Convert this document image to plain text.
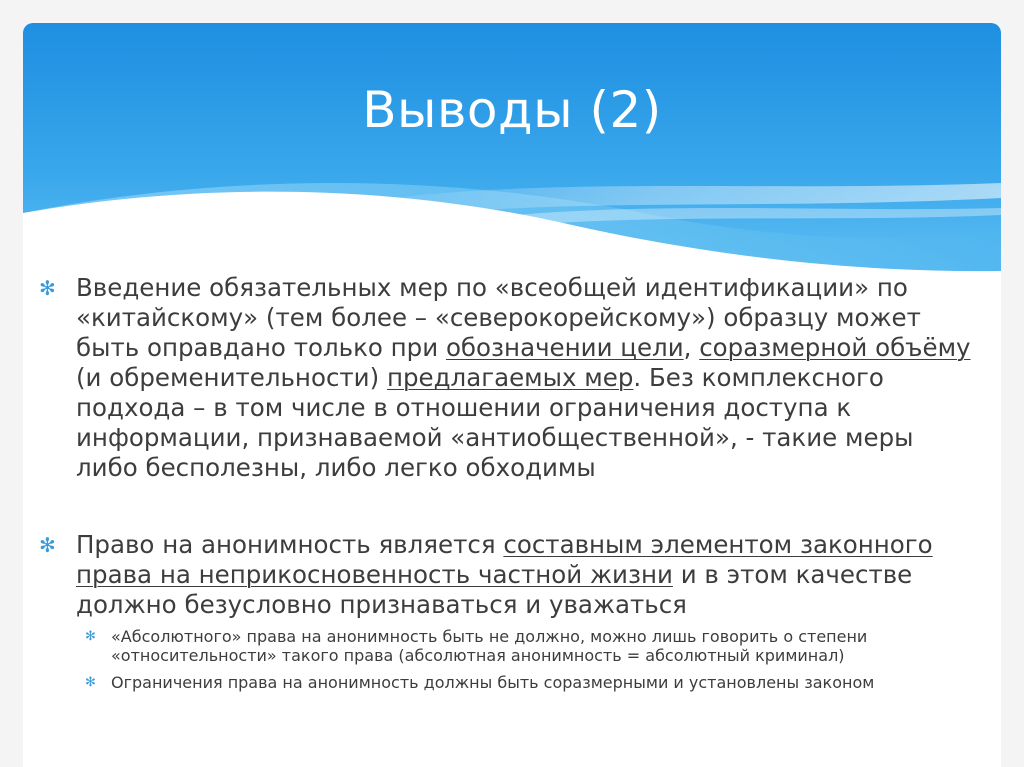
Выводы (2)

✻ Введение обязательных мер по «всеобщей идентификации» по «китайскому» (тем более – «северокорейскому») образцу может быть оправдано только при обозначении цели, соразмерной объёму (и обременительности) предлагаемых мер. Без комплексного подхода – в том числе в отношении ограничения доступа к информации, признаваемой «антиобщественной», - такие меры либо бесполезны, либо легко обходимы

✻ Право на анонимность является составным элементом законного права на неприкосновенность частной жизни и в этом качестве должно безусловно признаваться и уважаться

✻ «Абсолютного» права на анонимность быть не должно, можно лишь говорить о степени «относительности» такого права (абсолютная анонимность = абсолютный криминал)

✻ Ограничения права на анонимность должны быть соразмерными и установлены законом
